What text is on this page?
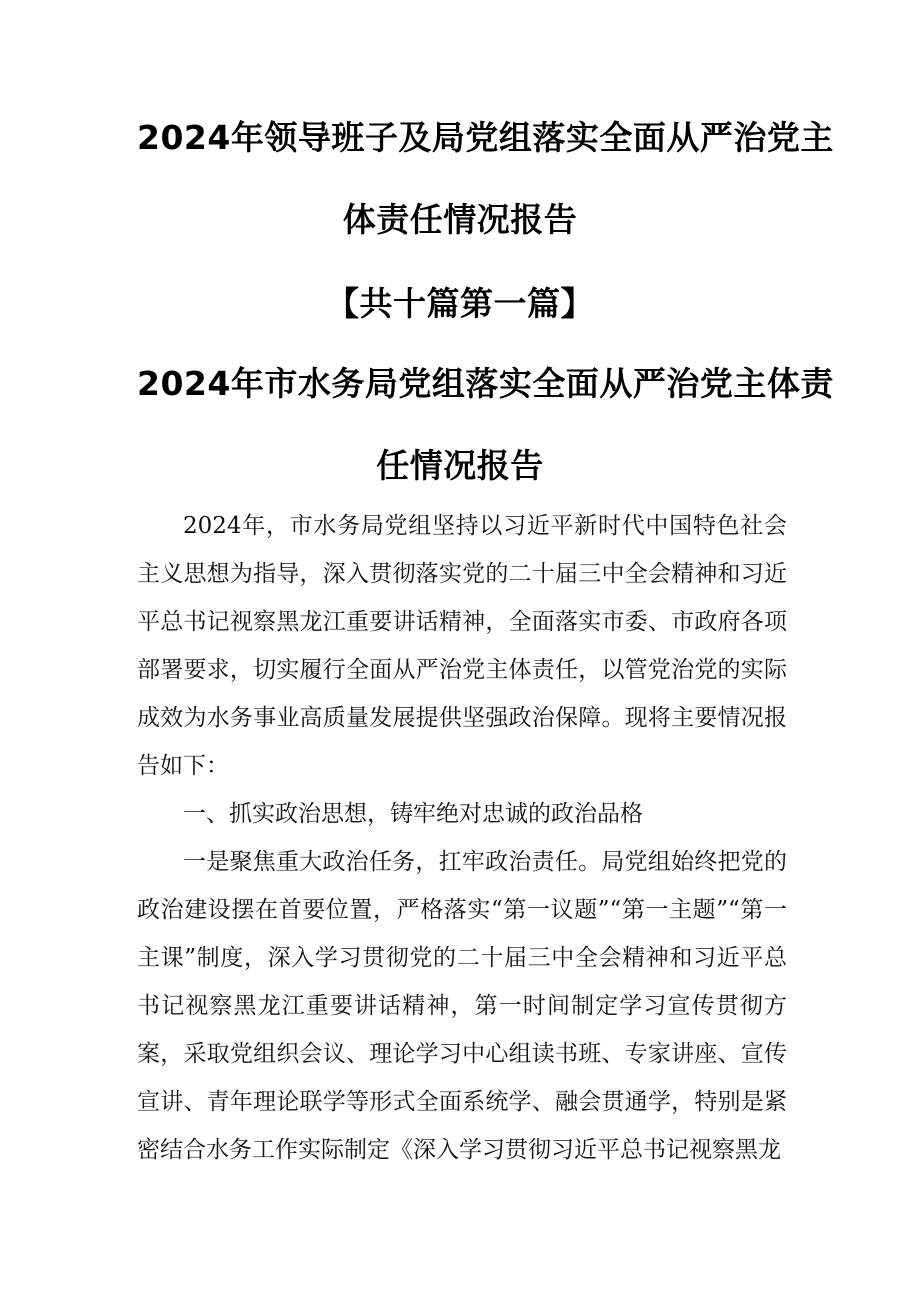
2024年领导班子及局党组落实全面从严治党主
体责任情况报告
【共十篇第一篇】
2024年市水务局党组落实全面从严治党主体责
任情况报告

2024年，市水务局党组坚持以习近平新时代中国特色社会主义思想为指导，深入贯彻落实党的二十届三中全会精神和习近平总书记视察黑龙江重要讲话精神，全面落实市委、市政府各项部署要求，切实履行全面从严治党主体责任，以管党治党的实际成效为水务事业高质量发展提供坚强政治保障。现将主要情况报告如下：

一、抓实政治思想，铸牢绝对忠诚的政治品格

一是聚焦重大政治任务，扛牢政治责任。局党组始终把党的政治建设摆在首要位置，严格落实“第一议题”“第一主题”“第一主课”制度，深入学习贯彻党的二十届三中全会精神和习近平总书记视察黑龙江重要讲话精神，第一时间制定学习宣传贯彻方案，采取党组织会议、理论学习中心组读书班、专家讲座、宣传宣讲、青年理论联学等形式全面系统学、融会贯通学，特别是紧密结合水务工作实际制定《深入学习贯彻习近平总书记视察黑龙
